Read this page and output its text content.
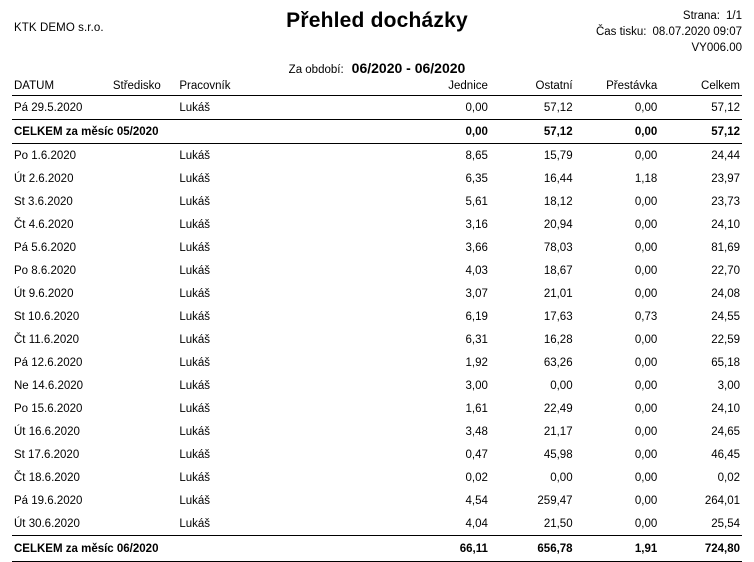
KTK DEMO s.r.o.	Přehled docházky	Strana: 1/1
Čas tisku: 08.07.2020 09:07
VY006.00
Za období: 06/2020 - 06/2020
DATUM	Středisko	Pracovník	Jednice	Ostatní	Přestávka	Celkem
Pá 29.5.2020		Lukáš	0,00	57,12	0,00	57,12
CELKEM za měsíc 05/2020			0,00	57,12	0,00	57,12
Po 1.6.2020		Lukáš	8,65	15,79	0,00	24,44
Út 2.6.2020		Lukáš	6,35	16,44	1,18	23,97
St 3.6.2020		Lukáš	5,61	18,12	0,00	23,73
Čt 4.6.2020		Lukáš	3,16	20,94	0,00	24,10
Pá 5.6.2020		Lukáš	3,66	78,03	0,00	81,69
Po 8.6.2020		Lukáš	4,03	18,67	0,00	22,70
Út 9.6.2020		Lukáš	3,07	21,01	0,00	24,08
St 10.6.2020		Lukáš	6,19	17,63	0,73	24,55
Čt 11.6.2020		Lukáš	6,31	16,28	0,00	22,59
Pá 12.6.2020		Lukáš	1,92	63,26	0,00	65,18
Ne 14.6.2020		Lukáš	3,00	0,00	0,00	3,00
Po 15.6.2020		Lukáš	1,61	22,49	0,00	24,10
Út 16.6.2020		Lukáš	3,48	21,17	0,00	24,65
St 17.6.2020		Lukáš	0,47	45,98	0,00	46,45
Čt 18.6.2020		Lukáš	0,02	0,00	0,00	0,02
Pá 19.6.2020		Lukáš	4,54	259,47	0,00	264,01
Út 30.6.2020		Lukáš	4,04	21,50	0,00	25,54
CELKEM za měsíc 06/2020			66,11	656,78	1,91	724,80
